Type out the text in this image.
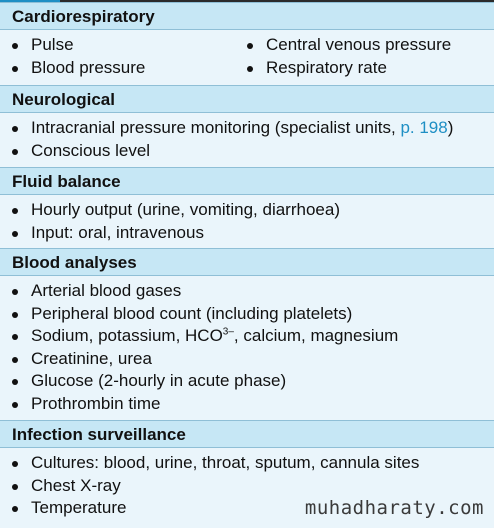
Cardiorespiratory
Pulse
Blood pressure
Central venous pressure
Respiratory rate
Neurological
Intracranial pressure monitoring (specialist units, p. 198)
Conscious level
Fluid balance
Hourly output (urine, vomiting, diarrhoea)
Input: oral, intravenous
Blood analyses
Arterial blood gases
Peripheral blood count (including platelets)
Sodium, potassium, $HCO^{3-}$, calcium, magnesium
Creatinine, urea
Glucose (2-hourly in acute phase)
Prothrombin time
Infection surveillance
Cultures: blood, urine, throat, sputum, cannula sites
Chest X-ray
Temperature	muhadharaty.com
